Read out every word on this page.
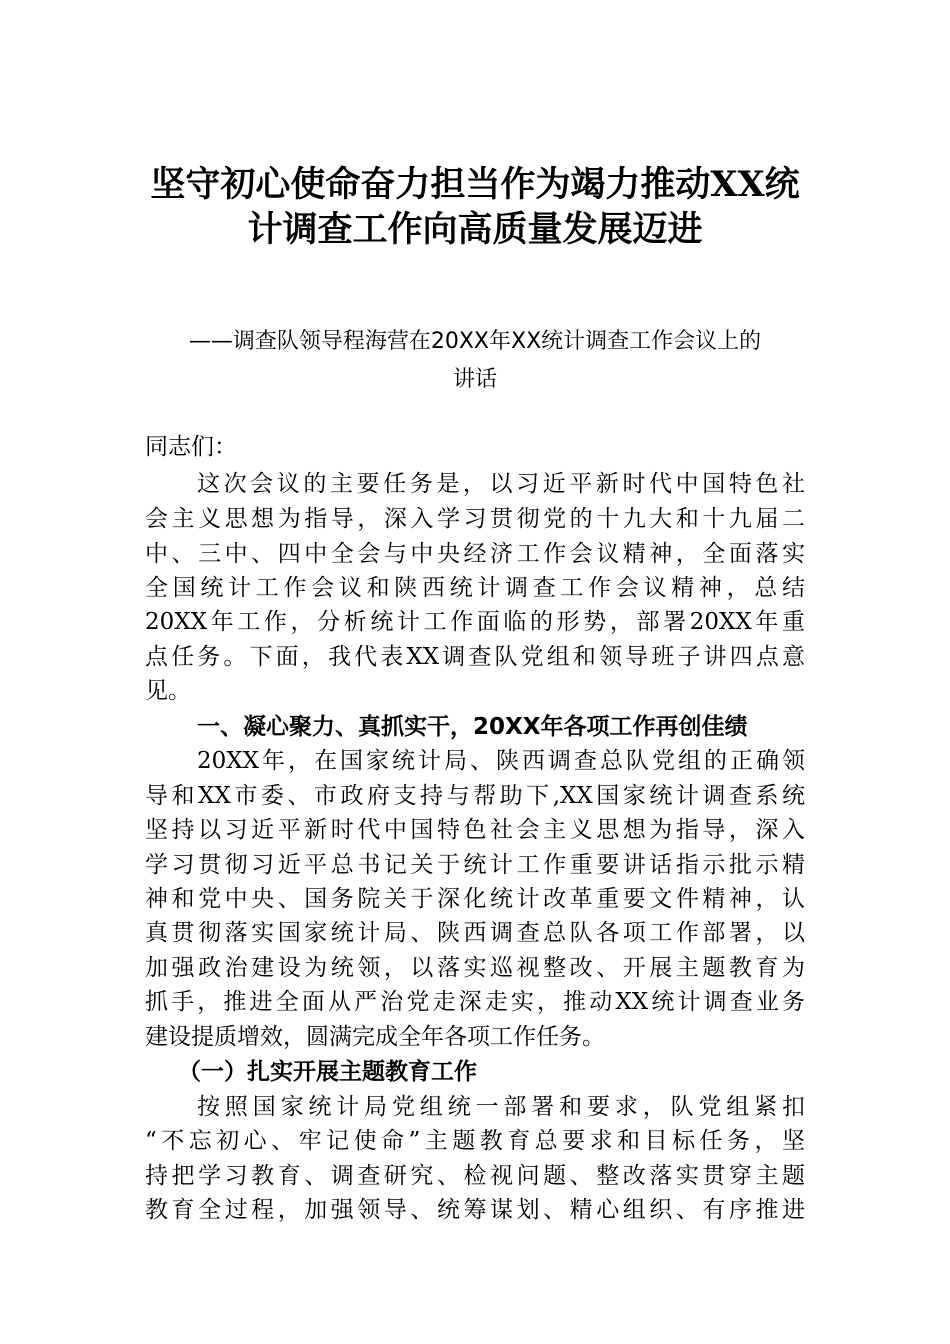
坚守初心使命奋力担当作为竭力推动XX统
计调查工作向高质量发展迈进

——调查队领导程海营在20XX年XX统计调查工作会议上的

讲话

同志们：

这次会议的主要任务是，以习近平新时代中国特色社

会主义思想为指导，深入学习贯彻党的十九大和十九届二

中、三中、四中全会与中央经济工作会议精神，全面落实

全国统计工作会议和陕西统计调查工作会议精神，总结

20XX年工作，分析统计工作面临的形势，部署20XX年重

点任务。下面，我代表XX调查队党组和领导班子讲四点意

见。

一、凝心聚力、真抓实干，20XX年各项工作再创佳绩

20XX年，在国家统计局、陕西调查总队党组的正确领

导和XX市委、市政府支持与帮助下,XX国家统计调查系统

坚持以习近平新时代中国特色社会主义思想为指导，深入

学习贯彻习近平总书记关于统计工作重要讲话指示批示精

神和党中央、国务院关于深化统计改革重要文件精神，认

真贯彻落实国家统计局、陕西调查总队各项工作部署，以

加强政治建设为统领，以落实巡视整改、开展主题教育为

抓手，推进全面从严治党走深走实，推动XX统计调查业务

建设提质增效，圆满完成全年各项工作任务。

（一）扎实开展主题教育工作

按照国家统计局党组统一部署和要求，队党组紧扣

“不忘初心、牢记使命”主题教育总要求和目标任务，坚

持把学习教育、调查研究、检视问题、整改落实贯穿主题

教育全过程，加强领导、统筹谋划、精心组织、有序推进
